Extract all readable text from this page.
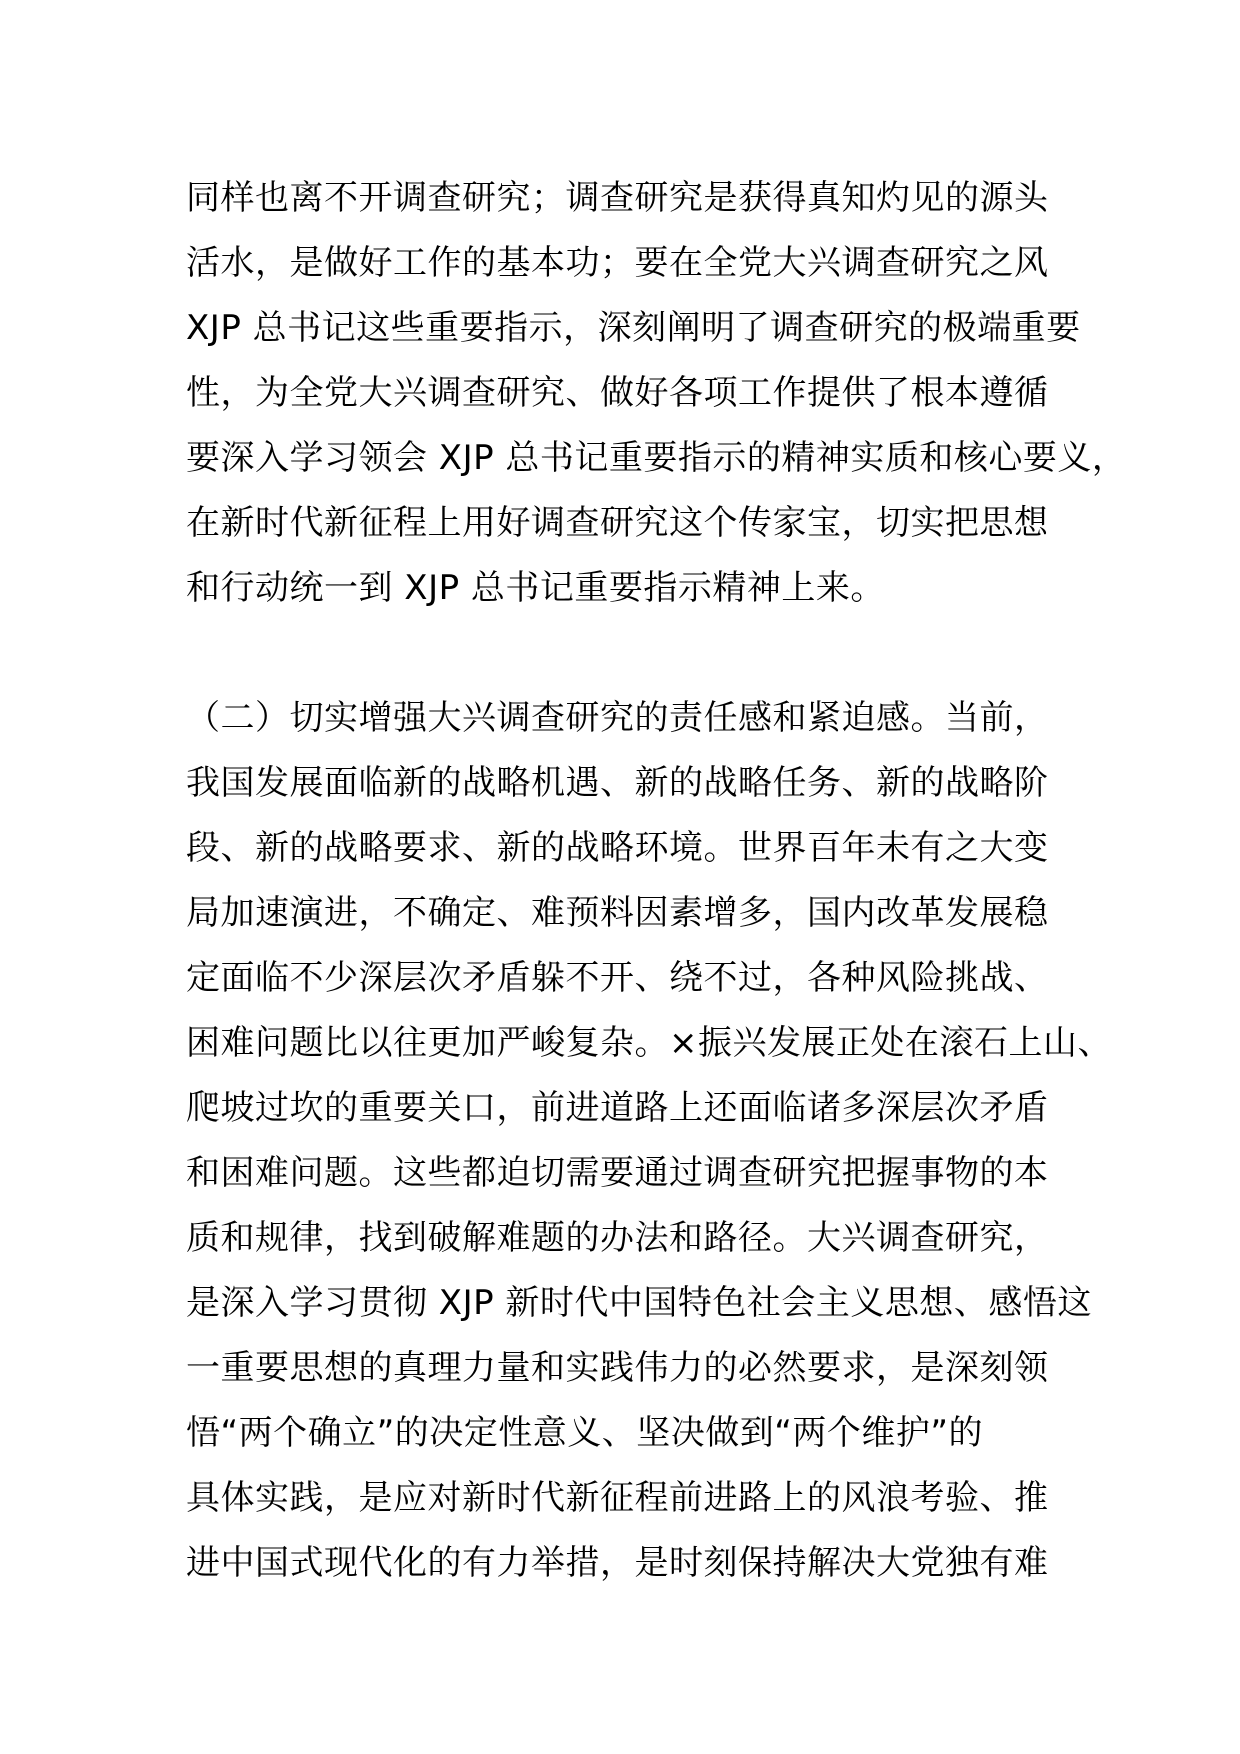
同样也离不开调查研究；调查研究是获得真知灼见的源头
活水，是做好工作的基本功；要在全党大兴调查研究之风
XJP 总书记这些重要指示，深刻阐明了调查研究的极端重要
性，为全党大兴调查研究、做好各项工作提供了根本遵循
要深入学习领会 XJP 总书记重要指示的精神实质和核心要义，
在新时代新征程上用好调查研究这个传家宝，切实把思想
和行动统一到 XJP 总书记重要指示精神上来。
（二）切实增强大兴调查研究的责任感和紧迫感。当前，
我国发展面临新的战略机遇、新的战略任务、新的战略阶
段、新的战略要求、新的战略环境。世界百年未有之大变
局加速演进，不确定、难预料因素增多，国内改革发展稳
定面临不少深层次矛盾躲不开、绕不过，各种风险挑战、
困难问题比以往更加严峻复杂。×振兴发展正处在滚石上山、
爬坡过坎的重要关口，前进道路上还面临诸多深层次矛盾
和困难问题。这些都迫切需要通过调查研究把握事物的本
质和规律，找到破解难题的办法和路径。大兴调查研究，
是深入学习贯彻 XJP 新时代中国特色社会主义思想、感悟这
一重要思想的真理力量和实践伟力的必然要求，是深刻领
悟“两个确立”的决定性意义、坚决做到“两个维护”的
具体实践，是应对新时代新征程前进路上的风浪考验、推
进中国式现代化的有力举措，是时刻保持解决大党独有难
